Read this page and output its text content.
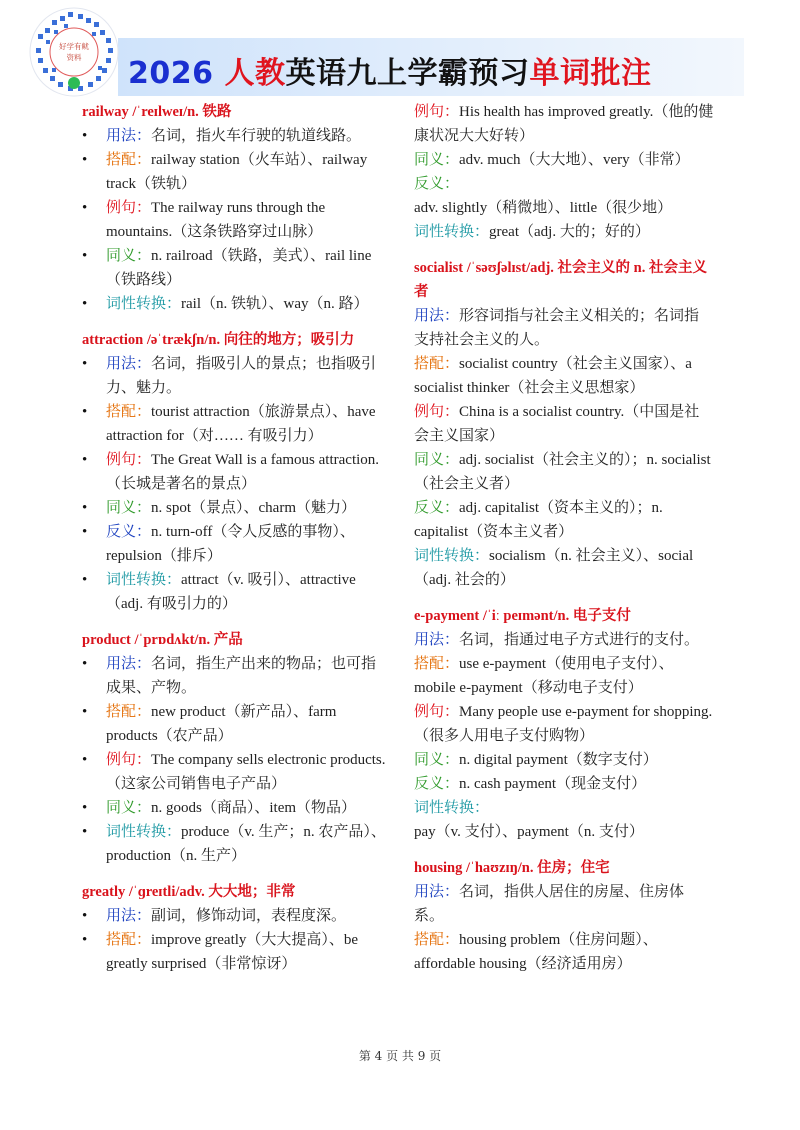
好学有鱿
资料 2026 人教英语九上学霸预习单词批注

railway /ˈreɪlweɪ/n. 铁路

• 用法：名词，指火车行驶的轨道线路。

• 搭配：railway station（火车站）、railway track（铁轨）

• 例句：The railway runs through the mountains.（这条铁路穿过山脉）

• 同义：n. railroad（铁路，美式）、rail line（铁路线）

• 词性转换：rail（n. 铁轨）、way（n. 路）

attraction /əˈtrækʃn/n. 向往的地方；吸引力

• 用法：名词，指吸引人的景点；也指吸引力、魅力。

• 搭配：tourist attraction（旅游景点）、have attraction for（对…… 有吸引力）

• 例句：The Great Wall is a famous attraction.（长城是著名的景点）

• 同义：n. spot（景点）、charm（魅力）

• 反义：n. turn-off（令人反感的事物）、repulsion（排斥）

• 词性转换：attract（v. 吸引）、attractive（adj. 有吸引力的）

product /ˈprɒdʌkt/n. 产品

• 用法：名词，指生产出来的物品；也可指成果、产物。

• 搭配：new product（新产品）、farm products（农产品）

• 例句：The company sells electronic products.（这家公司销售电子产品）

• 同义：n. goods（商品）、item（物品）

• 词性转换：produce（v. 生产；n. 农产品）、production（n. 生产）

greatly /ˈɡreɪtli/adv. 大大地；非常

• 用法：副词，修饰动词，表程度深。

• 搭配：improve greatly（大大提高）、be greatly surprised（非常惊讶）

例句：His health has improved greatly.（他的健康状况大大好转）

同义：adv. much（大大地）、very（非常）

反义：adv. slightly（稍微地）、little（很少地）

词性转换：great（adj. 大的；好的）

socialist /ˈsəʊʃəlɪst/adj. 社会主义的 n. 社会主义者

用法：形容词指与社会主义相关的；名词指支持社会主义的人。

搭配：socialist country（社会主义国家）、a socialist thinker（社会主义思想家）

例句：China is a socialist country.（中国是社会主义国家）

同义：adj. socialist（社会主义的）；n. socialist（社会主义者）

反义：adj. capitalist（资本主义的）；n. capitalist（资本主义者）

词性转换：socialism（n. 社会主义）、social（adj. 社会的）

e-payment /ˈiː peɪmənt/n. 电子支付

用法：名词，指通过电子方式进行的支付。

搭配：use e-payment（使用电子支付）、mobile e-payment（移动电子支付）

例句：Many people use e-payment for shopping.（很多人用电子支付购物）

同义：n. digital payment（数字支付）

反义：n. cash payment（现金支付）

词性转换：pay（v. 支付）、payment（n. 支付）

housing /ˈhaʊzɪŋ/n. 住房；住宅

用法：名词，指供人居住的房屋、住房体系。

搭配：housing problem（住房问题）、affordable housing（经济适用房）

第 4 页 共 9 页
